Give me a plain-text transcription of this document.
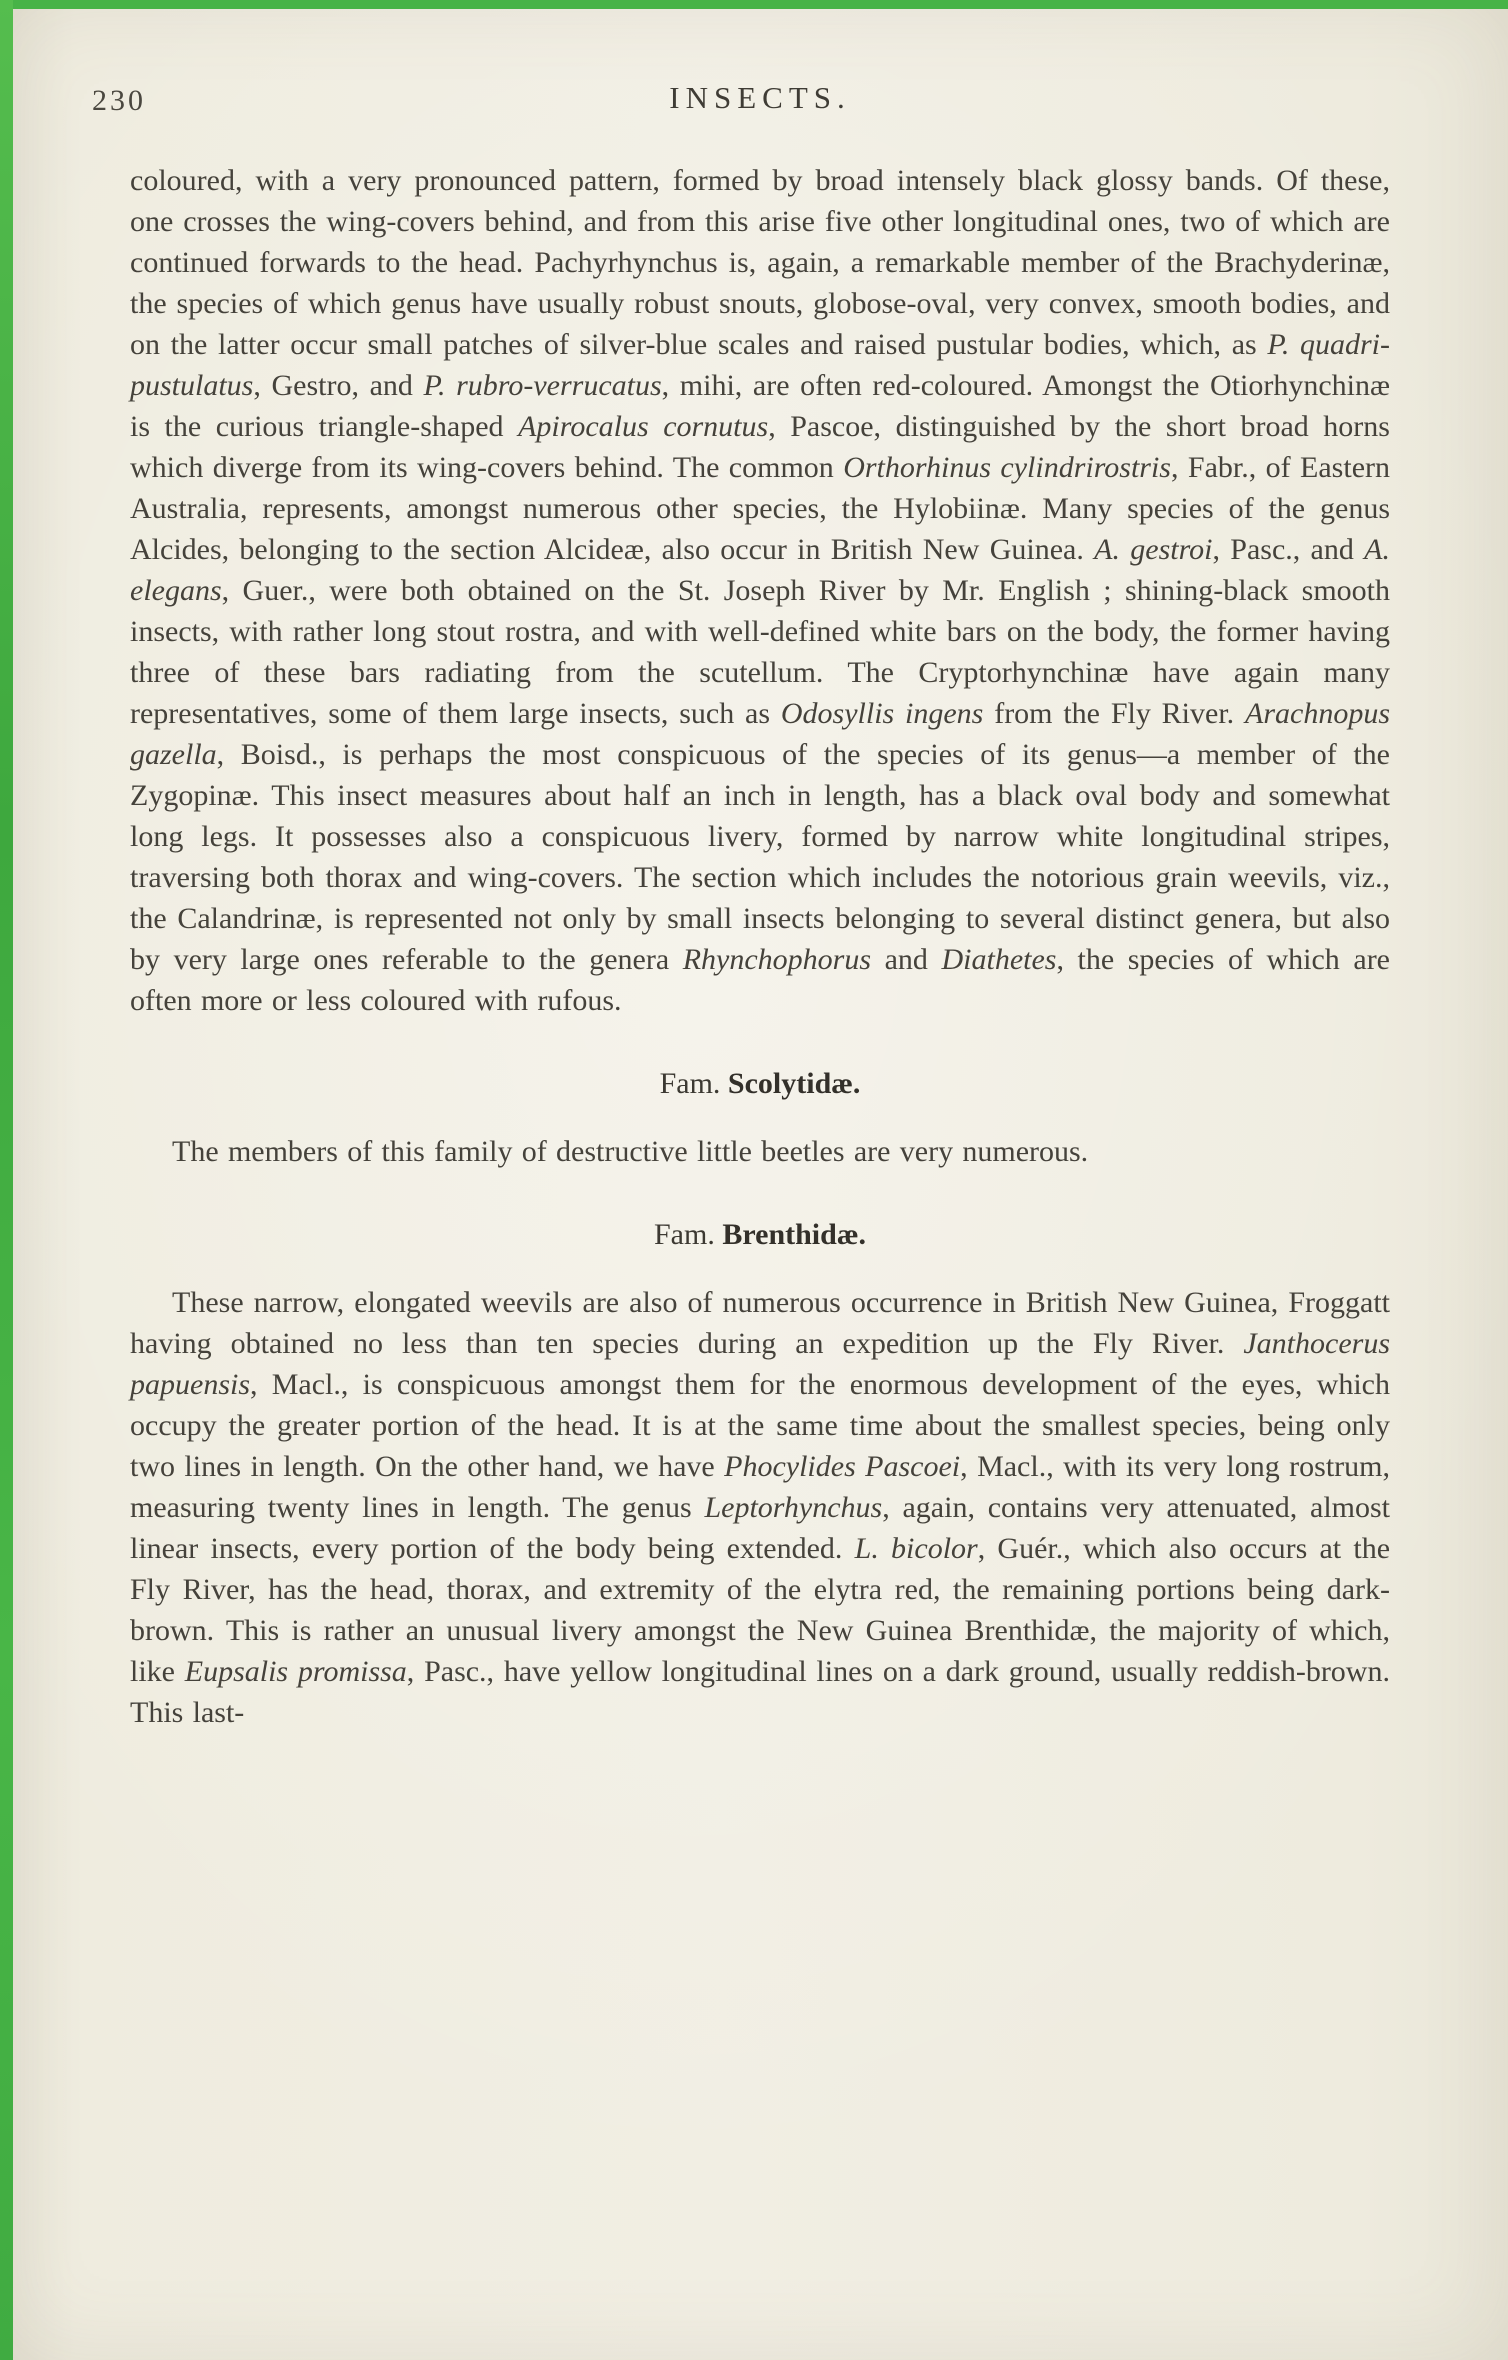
230	INSECTS.

coloured, with a very pronounced pattern, formed by broad intensely black glossy bands. Of these, one crosses the wing-covers behind, and from this arise five other longitudinal ones, two of which are continued forwards to the head. Pachyrhynchus is, again, a remarkable member of the Brachyderinæ, the species of which genus have usually robust snouts, globose-oval, very convex, smooth bodies, and on the latter occur small patches of silver-blue scales and raised pustular bodies, which, as P. quadri-pustulatus, Gestro, and P. rubro-verrucatus, mihi, are often red-coloured. Amongst the Otiorhynchinæ is the curious triangle-shaped Apirocalus cornutus, Pascoe, distinguished by the short broad horns which diverge from its wing-covers behind. The common Orthorhinus cylindrirostris, Fabr., of Eastern Australia, represents, amongst numerous other species, the Hylobiinæ. Many species of the genus Alcides, belonging to the section Alcideæ, also occur in British New Guinea. A. gestroi, Pasc., and A. elegans, Guer., were both obtained on the St. Joseph River by Mr. English ; shining-black smooth insects, with rather long stout rostra, and with well-defined white bars on the body, the former having three of these bars radiating from the scutellum. The Cryptorhynchinæ have again many representatives, some of them large insects, such as Odosyllis ingens from the Fly River. Arachnopus gazella, Boisd., is perhaps the most conspicuous of the species of its genus—a member of the Zygopinæ. This insect measures about half an inch in length, has a black oval body and somewhat long legs. It possesses also a conspicuous livery, formed by narrow white longitudinal stripes, traversing both thorax and wing-covers. The section which includes the notorious grain weevils, viz., the Calandrinæ, is represented not only by small insects belonging to several distinct genera, but also by very large ones referable to the genera Rhynchophorus and Diathetes, the species of which are often more or less coloured with rufous.

Fam. Scolytidæ.

The members of this family of destructive little beetles are very numerous.

Fam. Brenthidæ.

These narrow, elongated weevils are also of numerous occurrence in British New Guinea, Froggatt having obtained no less than ten species during an expedition up the Fly River. Janthocerus papuensis, Macl., is conspicuous amongst them for the enormous development of the eyes, which occupy the greater portion of the head. It is at the same time about the smallest species, being only two lines in length. On the other hand, we have Phocylides Pascoei, Macl., with its very long rostrum, measuring twenty lines in length. The genus Leptorhynchus, again, contains very attenuated, almost linear insects, every portion of the body being extended. L. bicolor, Guér., which also occurs at the Fly River, has the head, thorax, and extremity of the elytra red, the remaining portions being dark-brown. This is rather an unusual livery amongst the New Guinea Brenthidæ, the majority of which, like Eupsalis promissa, Pasc., have yellow longitudinal lines on a dark ground, usually reddish-brown. This last-
